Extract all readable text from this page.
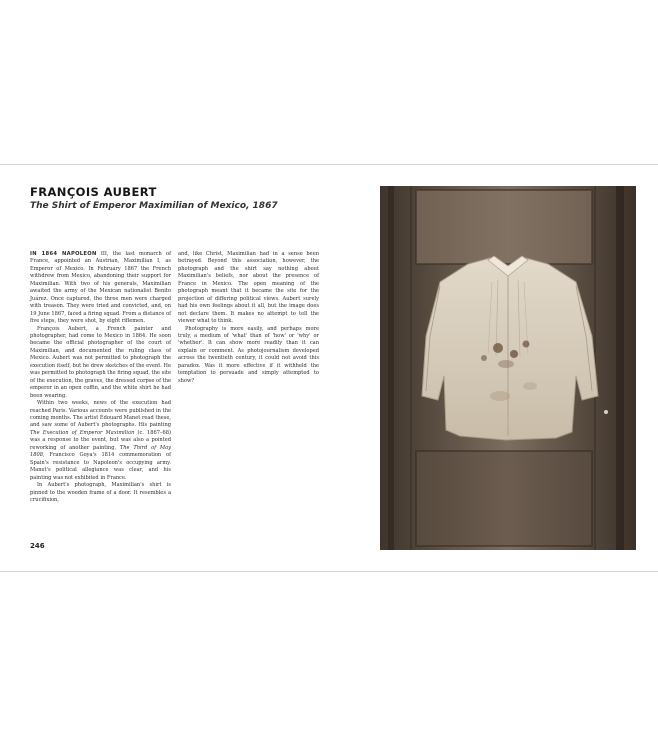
FRANÇOIS AUBERT
The Shirt of Emperor Maximilian of Mexico, 1867

IN 1864 NAPOLEON III, the last monarch of France, appointed an Austrian, Maximilian I, as Emperor of Mexico. In February 1867 the French withdrew from Mexico, abandoning their support for Maximilian. With two of his generals, Maximilian awaited the army of the Mexican nationalist Benito Juárez. Once captured, the three men were charged with treason. They were tried and convicted, and, on 19 June 1867, faced a firing squad. From a distance of five steps, they were shot, by eight riflemen.

François Aubert, a French painter and photographer, had come to Mexico in 1864. He soon became the official photographer of the court of Maximilian, and documented the ruling class of Mexico. Aubert was not permitted to photograph the execution itself, but he drew sketches of the event. He was permitted to photograph the firing squad, the site of the execution, the graves, the dressed corpse of the emperor in an open coffin, and the white shirt he had been wearing.

Within two weeks, news of the execution had reached Paris. Various accounts were published in the coming months. The artist Édouard Manet read these, and saw some of Aubert's photographs. His painting The Execution of Emperor Maximilian (c. 1867–68) was a response to the event, but was also a pointed reworking of another painting, The Third of May 1808, Francisco Goya's 1814 commemoration of Spain's resistance to Napoleon's occupying army. Manet's political allegiance was clear, and his painting was not exhibited in France.

In Aubert's photograph, Maximilian's shirt is pinned to the wooden frame of a door. It resembles a crucifixion,

and, like Christ, Maximilian had in a sense been betrayed. Beyond this association, however, the photograph and the shirt say nothing about Maximilian's beliefs, nor about the presence of France in Mexico. The open meaning of the photograph meant that it became the site for the projection of differing political views. Aubert surely had his own feelings about it all, but the image does not declare them. It makes no attempt to tell the viewer what to think.

Photography is more easily, and perhaps more truly, a medium of 'what' than of 'how' or 'why' or 'whether'. It can show more readily than it can explain or comment. As photojournalism developed across the twentieth century, it could not avoid this paradox. Was it more effective if it withheld the temptation to persuade and simply attempted to show?

246
